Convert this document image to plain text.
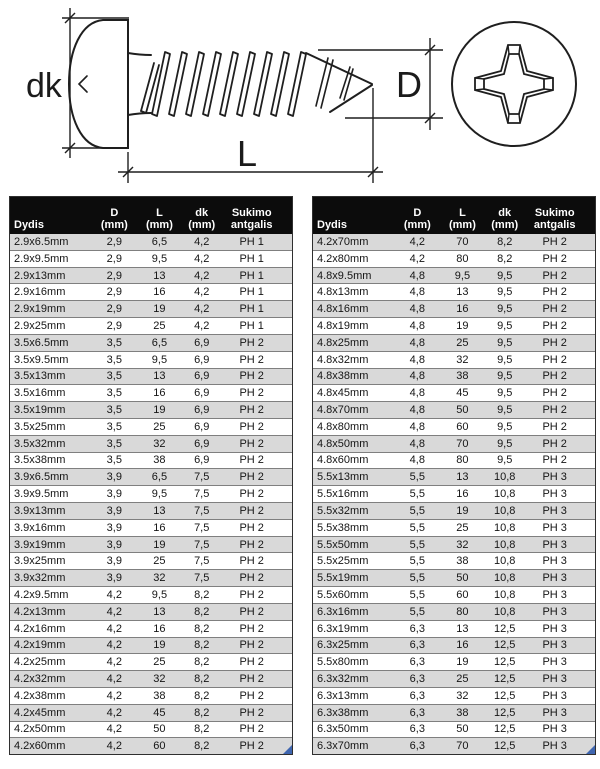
dk
L
D
Dydis
D
(mm)
L
(mm)
dk
(mm)
Sukimo
antgalis
2.9x6.5mm	2,9	6,5	4,2	PH 1
2.9x9.5mm	2,9	9,5	4,2	PH 1
2.9x13mm	2,9	13	4,2	PH 1
2.9x16mm	2,9	16	4,2	PH 1
2.9x19mm	2,9	19	4,2	PH 1
2.9x25mm	2,9	25	4,2	PH 1
3.5x6.5mm	3,5	6,5	6,9	PH 2
3.5x9.5mm	3,5	9,5	6,9	PH 2
3.5x13mm	3,5	13	6,9	PH 2
3.5x16mm	3,5	16	6,9	PH 2
3.5x19mm	3,5	19	6,9	PH 2
3.5x25mm	3,5	25	6,9	PH 2
3.5x32mm	3,5	32	6,9	PH 2
3.5x38mm	3,5	38	6,9	PH 2
3.9x6.5mm	3,9	6,5	7,5	PH 2
3.9x9.5mm	3,9	9,5	7,5	PH 2
3.9x13mm	3,9	13	7,5	PH 2
3.9x16mm	3,9	16	7,5	PH 2
3.9x19mm	3,9	19	7,5	PH 2
3.9x25mm	3,9	25	7,5	PH 2
3.9x32mm	3,9	32	7,5	PH 2
4.2x9.5mm	4,2	9,5	8,2	PH 2
4.2x13mm	4,2	13	8,2	PH 2
4.2x16mm	4,2	16	8,2	PH 2
4.2x19mm	4,2	19	8,2	PH 2
4.2x25mm	4,2	25	8,2	PH 2
4.2x32mm	4,2	32	8,2	PH 2
4.2x38mm	4,2	38	8,2	PH 2
4.2x45mm	4,2	45	8,2	PH 2
4.2x50mm	4,2	50	8,2	PH 2
4.2x60mm	4,2	60	8,2	PH 2
Dydis
D
(mm)
L
(mm)
dk
(mm)
Sukimo
antgalis
4.2x70mm	4,2	70	8,2	PH 2
4.2x80mm	4,2	80	8,2	PH 2
4.8x9.5mm	4,8	9,5	9,5	PH 2
4.8x13mm	4,8	13	9,5	PH 2
4.8x16mm	4,8	16	9,5	PH 2
4.8x19mm	4,8	19	9,5	PH 2
4.8x25mm	4,8	25	9,5	PH 2
4.8x32mm	4,8	32	9,5	PH 2
4.8x38mm	4,8	38	9,5	PH 2
4.8x45mm	4,8	45	9,5	PH 2
4.8x70mm	4,8	50	9,5	PH 2
4.8x80mm	4,8	60	9,5	PH 2
4.8x50mm	4,8	70	9,5	PH 2
4.8x60mm	4,8	80	9,5	PH 2
5.5x13mm	5,5	13	10,8	PH 3
5.5x16mm	5,5	16	10,8	PH 3
5.5x32mm	5,5	19	10,8	PH 3
5.5x38mm	5,5	25	10,8	PH 3
5.5x50mm	5,5	32	10,8	PH 3
5.5x25mm	5,5	38	10,8	PH 3
5.5x19mm	5,5	50	10,8	PH 3
5.5x60mm	5,5	60	10,8	PH 3
6.3x16mm	5,5	80	10,8	PH 3
6.3x19mm	6,3	13	12,5	PH 3
6.3x25mm	6,3	16	12,5	PH 3
5.5x80mm	6,3	19	12,5	PH 3
6.3x32mm	6,3	25	12,5	PH 3
6.3x13mm	6,3	32	12,5	PH 3
6.3x38mm	6,3	38	12,5	PH 3
6.3x50mm	6,3	50	12,5	PH 3
6.3x70mm	6,3	70	12,5	PH 3
